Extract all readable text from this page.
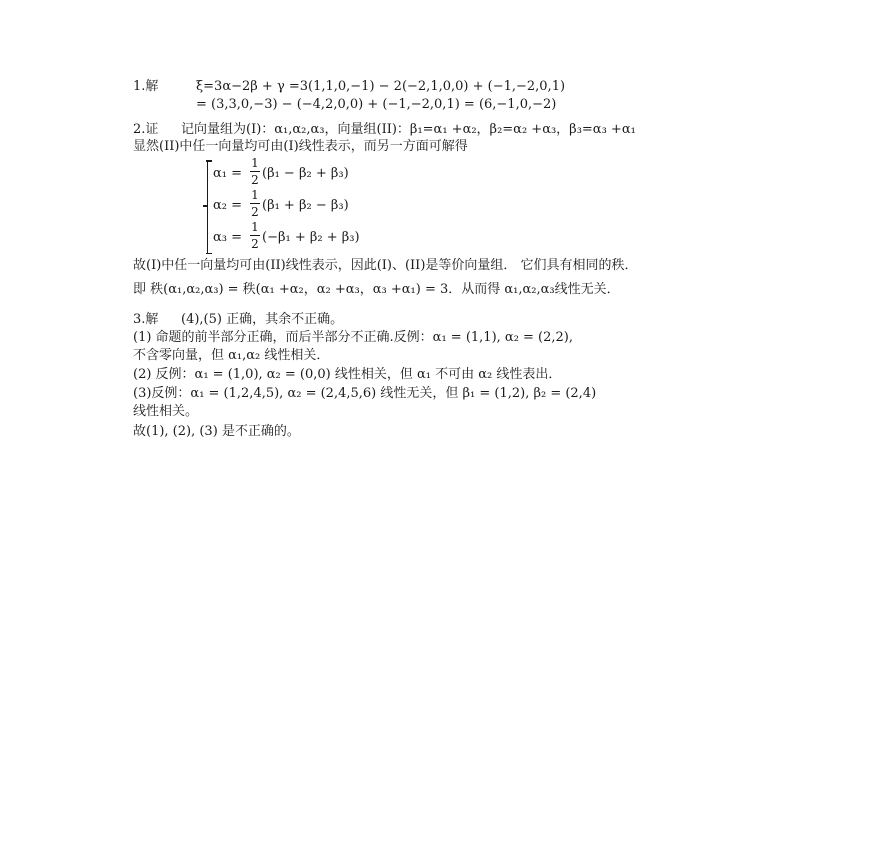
1.解	ξ=3α−2β + γ =3(1,1,0,−1) − 2(−2,1,0,0) + (−1,−2,0,1)
= (3,3,0,−3) − (−4,2,0,0) + (−1,−2,0,1) = (6,−1,0,−2)
2.证 记向量组为(I)：α₁,α₂,α₃，向量组(II)：β₁=α₁ +α₂，β₂=α₂ +α₃，β₃=α₃ +α₁
显然(II)中任一向量均可由(I)线性表示，而另一方面可解得
α₁ =
1
2 (β₁ − β₂ + β₃)
α₂ =
1
2 (β₁ + β₂ − β₃)
α₃ =
1
2 (−β₁ + β₂ + β₃)
故(I)中任一向量均可由(II)线性表示，因此(I)、(II)是等价向量组． 它们具有相同的秩．
即 秩(α₁,α₂,α₃) = 秩(α₁ +α₂，α₂ +α₃，α₃ +α₁) = 3．从而得 α₁,α₂,α₃线性无关．
3.解 (4),(5) 正确，其余不正确。
(1) 命题的前半部分正确，而后半部分不正确.反例：α₁ = (1,1), α₂ = (2,2),
不含零向量，但 α₁,α₂ 线性相关．
(2) 反例：α₁ = (1,0), α₂ = (0,0) 线性相关，但 α₁ 不可由 α₂ 线性表出．
(3)反例：α₁ = (1,2,4,5), α₂ = (2,4,5,6) 线性无关，但 β₁ = (1,2), β₂ = (2,4)
线性相关。
故(1), (2), (3) 是不正确的。
